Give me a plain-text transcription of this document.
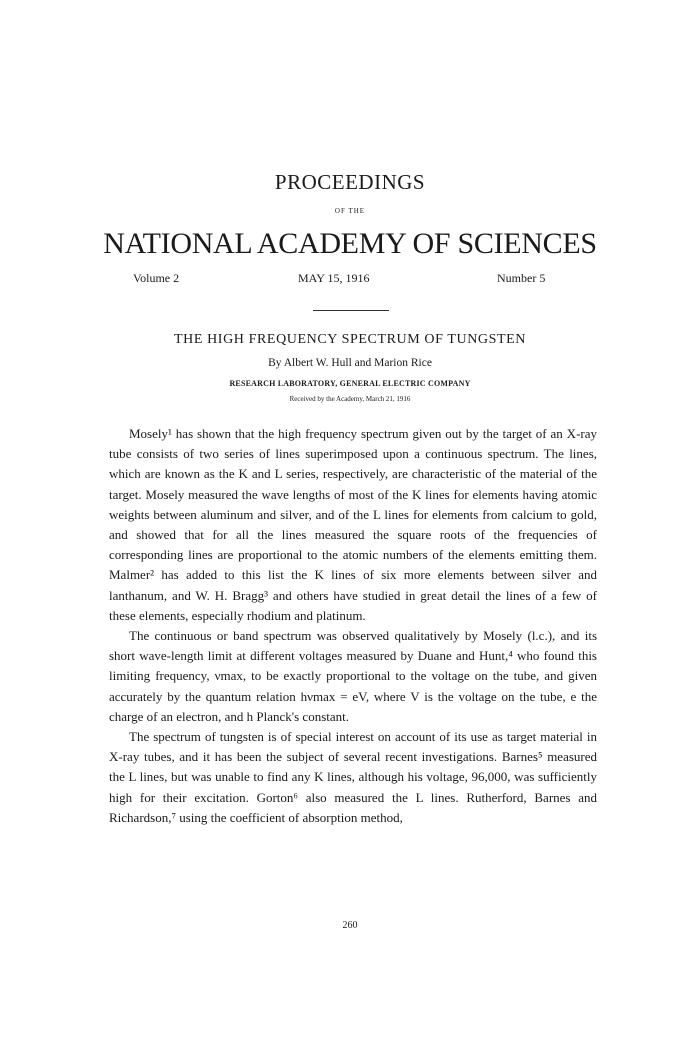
PROCEEDINGS
OF THE
NATIONAL ACADEMY OF SCIENCES
Volume 2	MAY 15, 1916	Number 5
THE HIGH FREQUENCY SPECTRUM OF TUNGSTEN
By Albert W. Hull and Marion Rice
RESEARCH LABORATORY, GENERAL ELECTRIC COMPANY
Received by the Academy, March 21, 1916

Mosely¹ has shown that the high frequency spectrum given out by the target of an X-ray tube consists of two series of lines superimposed upon a continuous spectrum. The lines, which are known as the K and L series, respectively, are characteristic of the material of the target. Mosely measured the wave lengths of most of the K lines for elements having atomic weights between aluminum and silver, and of the L lines for elements from calcium to gold, and showed that for all the lines measured the square roots of the frequencies of corresponding lines are proportional to the atomic numbers of the elements emitting them. Malmer² has added to this list the K lines of six more elements between silver and lanthanum, and W. H. Bragg³ and others have studied in great detail the lines of a few of these elements, especially rhodium and platinum.

The continuous or band spectrum was observed qualitatively by Mosely (l.c.), and its short wave-length limit at different voltages measured by Duane and Hunt,⁴ who found this limiting frequency, νmax, to be exactly proportional to the voltage on the tube, and given accurately by the quantum relation hνmax = eV, where V is the voltage on the tube, e the charge of an electron, and h Planck's constant.

The spectrum of tungsten is of special interest on account of its use as target material in X-ray tubes, and it has been the subject of several recent investigations. Barnes⁵ measured the L lines, but was unable to find any K lines, although his voltage, 96,000, was sufficiently high for their excitation. Gorton⁶ also measured the L lines. Rutherford, Barnes and Richardson,⁷ using the coefficient of absorption method,

260
